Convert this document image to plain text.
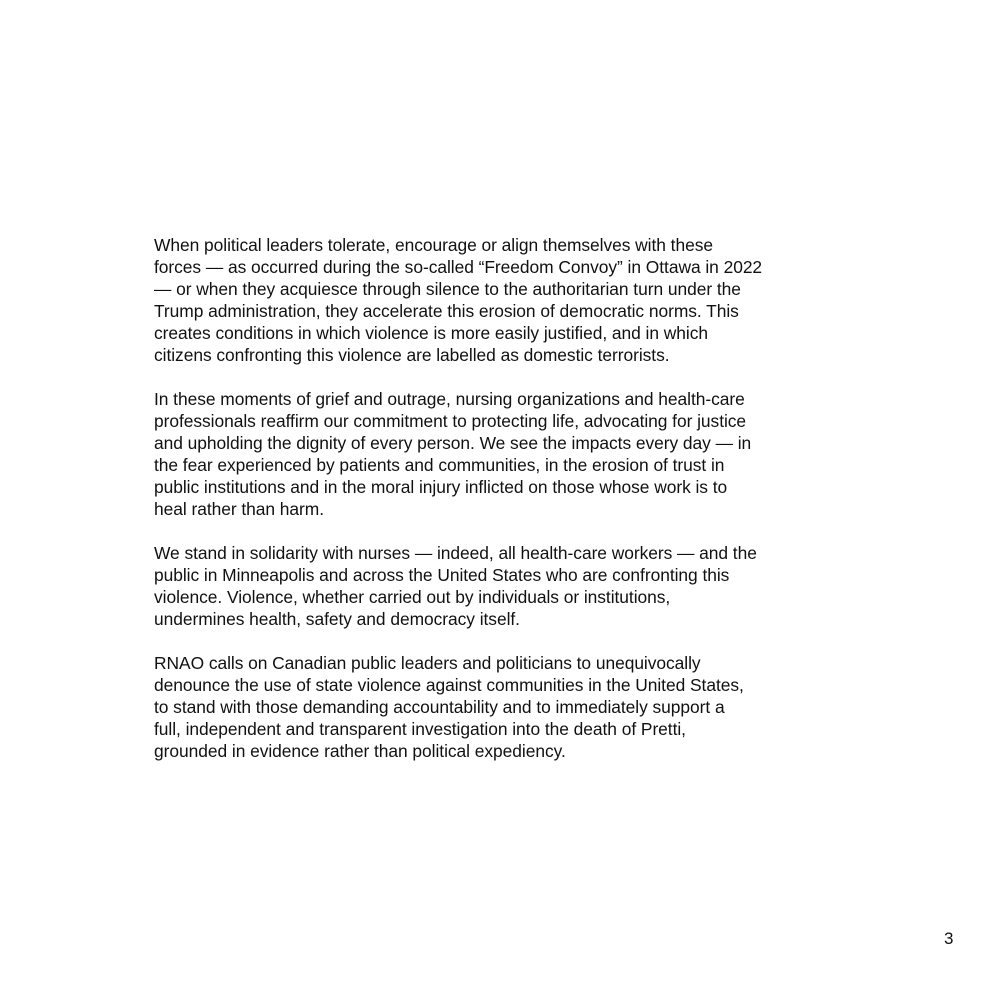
When political leaders tolerate, encourage or align themselves with these
forces — as occurred during the so-called “Freedom Convoy” in Ottawa in 2022
— or when they acquiesce through silence to the authoritarian turn under the
Trump administration, they accelerate this erosion of democratic norms. This
creates conditions in which violence is more easily justified, and in which
citizens confronting this violence are labelled as domestic terrorists.
In these moments of grief and outrage, nursing organizations and health-care
professionals reaffirm our commitment to protecting life, advocating for justice
and upholding the dignity of every person. We see the impacts every day — in
the fear experienced by patients and communities, in the erosion of trust in
public institutions and in the moral injury inflicted on those whose work is to
heal rather than harm.
We stand in solidarity with nurses — indeed, all health-care workers — and the
public in Minneapolis and across the United States who are confronting this
violence. Violence, whether carried out by individuals or institutions,
undermines health, safety and democracy itself.
RNAO calls on Canadian public leaders and politicians to unequivocally
denounce the use of state violence against communities in the United States,
to stand with those demanding accountability and to immediately support a
full, independent and transparent investigation into the death of Pretti,
grounded in evidence rather than political expediency.
3
